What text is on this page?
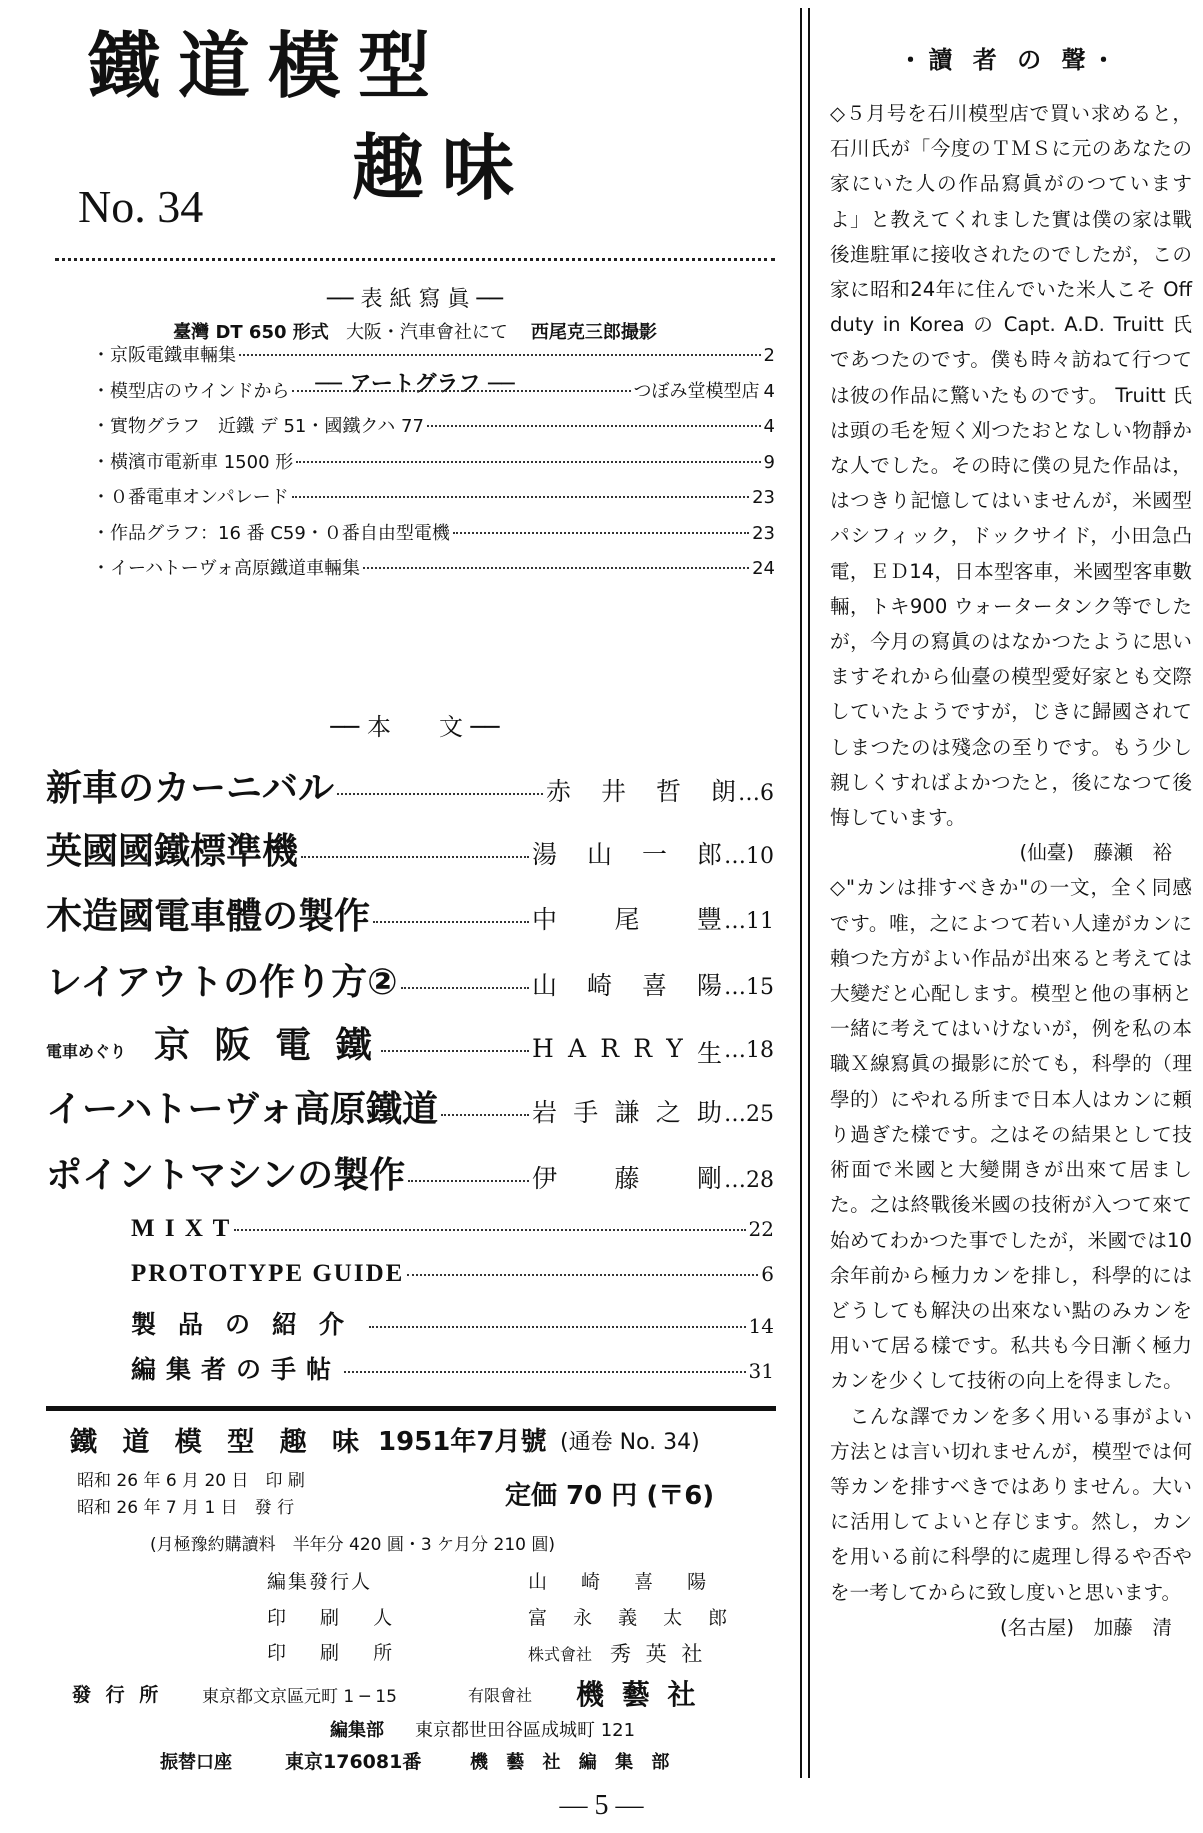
鐵道模型
趣味
No. 34
── 表 紙 寫 眞 ──
臺灣 DT 650 形式 大阪・汽車會社にて 西尾克三郎撮影
── アートグラフ ──
・京阪電鐵車輛集	2
・模型店のウインドから	つぼみ堂模型店 4
・實物グラフ　近鐵 デ 51・國鐵クハ 77	4
・橫濱市電新車 1500 形	9
・０番電車オンパレード	23
・作品グラフ：16 番 C59・０番自由型電機	23
・イーハトーヴォ高原鐵道車輛集	24
── 本　　文 ──
新車のカーニバル	赤 井 哲 朗 …6
英國國鐵標準機	湯 山 一 郎 …10
木造國電車體の製作	中 尾 豐 …11
レイアウトの作り方②	山 崎 喜 陽 …15
電車めぐり 京 阪 電 鐵	H A R R Y 生 …18
イーハトーヴォ高原鐵道	岩 手 謙 之 助 …25
ポイントマシンの製作	伊 藤 剛 …28
M I X T	22
PROTOTYPE GUIDE	6
製品の紹介	14
編集者の手帖	31
鐵 道 模 型 趣 味 1951年7月號 (通卷 No. 34)
昭和 26 年 6 月 20 日　印 刷
昭和 26 年 7 月 1 日　發 行	定価 70 円 (〒6)
(月極豫約購讀料　半年分 420 圓・3 ケ月分 210 圓)
編集發行人	山 崎 喜 陽
印 刷 人	富 永 義 太 郎
印 刷 所	株式會社 秀 英 社
發 行 所 東京都文京區元町 1 ─ 15	有限會社 機 藝 社
編集部 東京都世田谷區成城町 121
振替口座	東京176081番	機 藝 社 編 集 部
・讀 者 の 聲・

◇５月号を石川模型店で買い求めると，石川氏が「今度のＴＭＳに元のあなたの家にいた人の作品寫眞がのつていますよ」と教えてくれました實は僕の家は戰後進駐軍に接收されたのでしたが，この家に昭和24年に住んでいた米人こそ Off duty in Korea の Capt. A.D. Truitt 氏であつたのです。僕も時々訪ねて行つては彼の作品に驚いたものです。 Truitt 氏は頭の毛を短く刈つたおとなしい物靜かな人でした。その時に僕の見た作品は，はつきり記憶してはいませんが，米國型パシフィック，ドックサイド，小田急凸電，ＥＤ14，日本型客車，米國型客車數輛，トキ900 ウォータータンク等でしたが，今月の寫眞のはなかつたように思いますそれから仙臺の模型愛好家とも交際していたようですが，じきに歸國されてしまつたのは殘念の至りです。もう少し親しくすればよかつたと，後になつて後悔しています。

(仙臺)　藤瀬　裕

◇"カンは排すべきか"の一文，全く同感です。唯，之によつて若い人達がカンに賴つた方がよい作品が出來ると考えては大變だと心配します。模型と他の事柄と一緒に考えてはいけないが，例を私の本職Ｘ線寫眞の撮影に於ても，科學的（理學的）にやれる所まで日本人はカンに頼り過ぎた樣です。之はその結果として技術面で米國と大變開きが出來て居ました。之は終戰後米國の技術が入つて來て始めてわかつた事でしたが，米國では10余年前から極力カンを排し，科學的にはどうしても解決の出來ない點のみカンを用いて居る樣です。私共も今日漸く極力カンを少くして技術の向上を得ました。

こんな譯でカンを多く用いる事がよい方法とは言い切れませんが，模型では何等カンを排すべきではありません。大いに活用してよいと存じます。然し，カンを用いる前に科學的に處理し得るや否やを一考してからに致し度いと思います。

(名古屋)　加藤　清

― 5 ―
